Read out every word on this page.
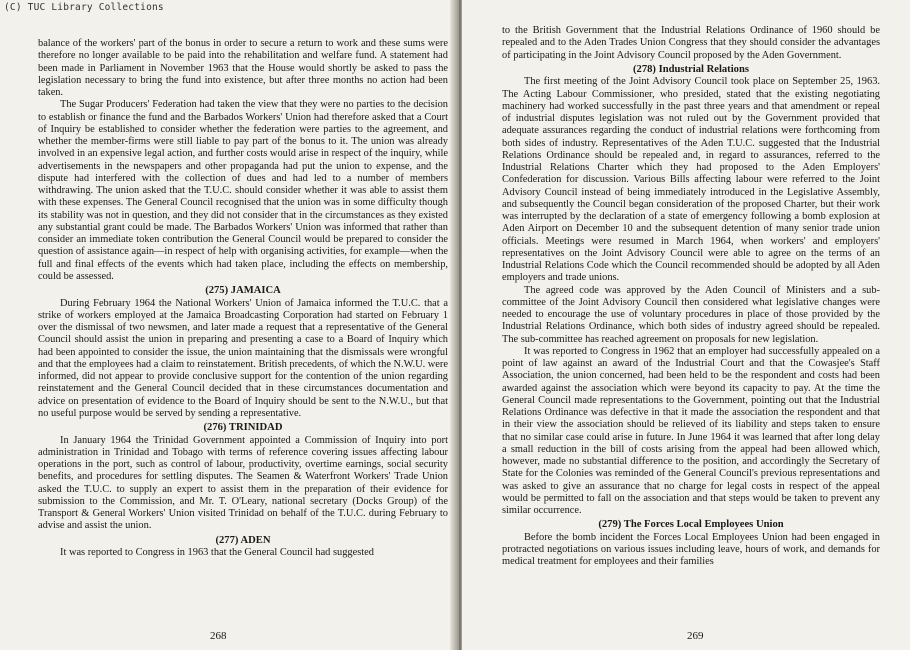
(C) TUC Library Collections

balance of the workers' part of the bonus in order to secure a return to work and these sums were therefore no longer available to be paid into the rehabilitation and welfare fund. A statement had been made in Parliament in November 1963 that the House would shortly be asked to pass the legislation necessary to bring the fund into existence, but after three months no action had been taken.

The Sugar Producers' Federation had taken the view that they were no parties to the decision to establish or finance the fund and the Barbados Workers' Union had therefore asked that a Court of Inquiry be established to consider whether the federation were parties to the agreement, and whether the member-firms were still liable to pay part of the bonus to it. The union was already involved in an expensive legal action, and further costs would arise in respect of the inquiry, while advertisements in the newspapers and other propaganda had put the union to expense, and the dispute had interfered with the collection of dues and had led to a number of members withdrawing. The union asked that the T.U.C. should consider whether it was able to assist them with these expenses. The General Council recognised that the union was in some difficulty though its stability was not in question, and they did not consider that in the circumstances as they existed any substantial grant could be made. The Barbados Workers' Union was informed that rather than consider an immediate token contribution the General Council would be prepared to consider the question of assistance again—in respect of help with organising activities, for example—when the full and final effects of the events which had taken place, including the effects on membership, could be assessed.

(275) JAMAICA

During February 1964 the National Workers' Union of Jamaica informed the T.U.C. that a strike of workers employed at the Jamaica Broadcasting Corporation had started on February 1 over the dismissal of two newsmen, and later made a request that a representative of the General Council should assist the union in preparing and presenting a case to a Board of Inquiry which had been appointed to consider the issue, the union maintaining that the dismissals were wrongful and that the employees had a claim to reinstatement. British precedents, of which the N.W.U. were informed, did not appear to provide conclusive support for the contention of the union regarding reinstatement and the General Council decided that in these circumstances documentation and advice on presentation of evidence to the Board of Inquiry should be sent to the N.W.U., but that no useful purpose would be served by sending a representative.

(276) TRINIDAD

In January 1964 the Trinidad Government appointed a Commission of Inquiry into port administration in Trinidad and Tobago with terms of reference covering issues affecting labour operations in the port, such as control of labour, productivity, overtime earnings, social security benefits, and procedures for settling disputes. The Seamen & Waterfront Workers' Trade Union asked the T.U.C. to supply an expert to assist them in the preparation of their evidence for submission to the Commission, and Mr. T. O'Leary, national secretary (Docks Group) of the Transport & General Workers' Union visited Trinidad on behalf of the T.U.C. during February to advise and assist the union.

(277) ADEN

It was reported to Congress in 1963 that the General Council had suggested

268

to the British Government that the Industrial Relations Ordinance of 1960 should be repealed and to the Aden Trades Union Congress that they should consider the advantages of participating in the Joint Advisory Council proposed by the Aden Government.

(278) Industrial Relations

The first meeting of the Joint Advisory Council took place on September 25, 1963. The Acting Labour Commissioner, who presided, stated that the existing negotiating machinery had worked successfully in the past three years and that amendment or repeal of industrial disputes legislation was not ruled out by the Government provided that adequate assurances regarding the conduct of industrial relations were forthcoming from both sides of industry. Representatives of the Aden T.U.C. suggested that the Industrial Relations Ordinance should be repealed and, in regard to assurances, referred to the Industrial Relations Charter which they had proposed to the Aden Employers' Confederation for discussion. Various Bills affecting labour were referred to the Joint Advisory Council instead of being immediately introduced in the Legislative Assembly, and subsequently the Council began consideration of the proposed Charter, but their work was interrupted by the declaration of a state of emergency following a bomb explosion at Aden Airport on December 10 and the subsequent detention of many senior trade union officials. Meetings were resumed in March 1964, when workers' and employers' representatives on the Joint Advisory Council were able to agree on the terms of an Industrial Relations Code which the Council recommended should be adopted by all Aden employers and trade unions.

The agreed code was approved by the Aden Council of Ministers and a sub-committee of the Joint Advisory Council then considered what legislative changes were needed to encourage the use of voluntary procedures in place of those provided by the Industrial Relations Ordinance, which both sides of industry agreed should be repealed. The sub-committee has reached agreement on proposals for new legislation.

It was reported to Congress in 1962 that an employer had successfully appealed on a point of law against an award of the Industrial Court and that the Cowasjee's Staff Association, the union concerned, had been held to be the respondent and costs had been awarded against the association which were beyond its capacity to pay. At the time the General Council made representations to the Government, pointing out that the Industrial Relations Ordinance was defective in that it made the association the respondent and that in their view the association should be relieved of its liability and steps taken to ensure that no similar case could arise in future. In June 1964 it was learned that after long delay a small reduction in the bill of costs arising from the appeal had been allowed which, however, made no substantial difference to the position, and accordingly the Secretary of State for the Colonies was reminded of the General Council's previous representations and was asked to give an assurance that no charge for legal costs in respect of the appeal would be permitted to fall on the association and that steps would be taken to prevent any similar occurrence.

(279) The Forces Local Employees Union

Before the bomb incident the Forces Local Employees Union had been engaged in protracted negotiations on various issues including leave, hours of work, and demands for medical treatment for employees and their families

269
